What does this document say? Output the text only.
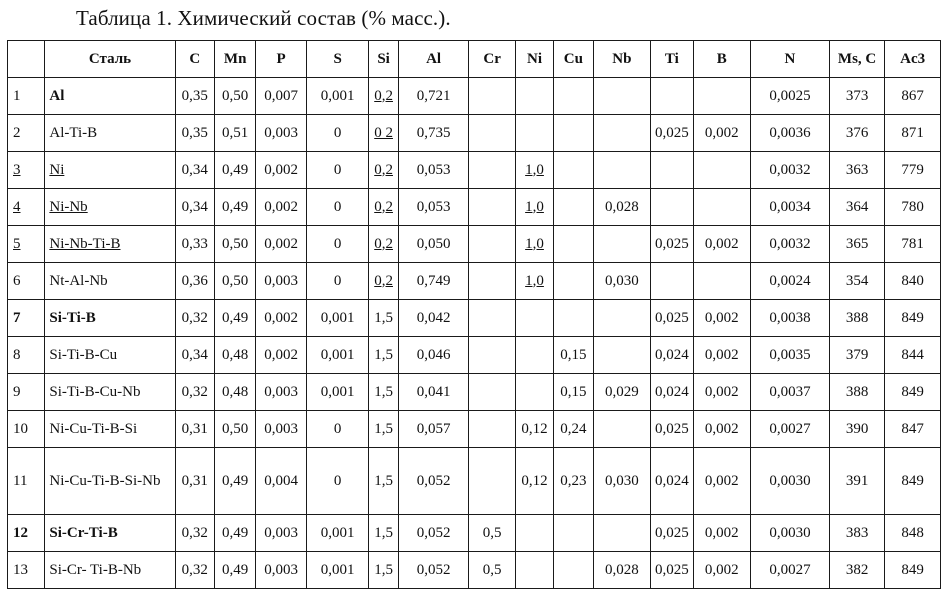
Таблица 1. Химический состав (% масс.).
	Сталь	C	Mn	P	S	Si	Al	Cr	Ni	Cu	Nb	Ti	B	N	Ms, C	Ac3
1	Al	0,35	0,50	0,007	0,001	0,2	0,721							0,0025	373	867
2	Al-Ti-B	0,35	0,51	0,003	0	0 2	0,735					0,025	0,002	0,0036	376	871
3	Ni	0,34	0,49	0,002	0	0,2	0,053		1,0					0,0032	363	779
4	Ni-Nb	0,34	0,49	0,002	0	0,2	0,053		1,0		0,028			0,0034	364	780
5	Ni-Nb-Ti-B	0,33	0,50	0,002	0	0,2	0,050		1,0			0,025	0,002	0,0032	365	781
6	Nt-Al-Nb	0,36	0,50	0,003	0	0,2	0,749		1,0		0,030			0,0024	354	840
7	Si-Ti-B	0,32	0,49	0,002	0,001	1,5	0,042					0,025	0,002	0,0038	388	849
8	Si-Ti-B-Cu	0,34	0,48	0,002	0,001	1,5	0,046			0,15		0,024	0,002	0,0035	379	844
9	Si-Ti-B-Cu-Nb	0,32	0,48	0,003	0,001	1,5	0,041			0,15	0,029	0,024	0,002	0,0037	388	849
10	Ni-Cu-Ti-B-Si	0,31	0,50	0,003	0	1,5	0,057		0,12	0,24		0,025	0,002	0,0027	390	847
11	Ni-Cu-Ti-B-Si-Nb	0,31	0,49	0,004	0	1,5	0,052		0,12	0,23	0,030	0,024	0,002	0,0030	391	849
12	Si-Cr-Ti-B	0,32	0,49	0,003	0,001	1,5	0,052	0,5				0,025	0,002	0,0030	383	848
13	Si-Cr- Ti-B-Nb	0,32	0,49	0,003	0,001	1,5	0,052	0,5			0,028	0,025	0,002	0,0027	382	849
